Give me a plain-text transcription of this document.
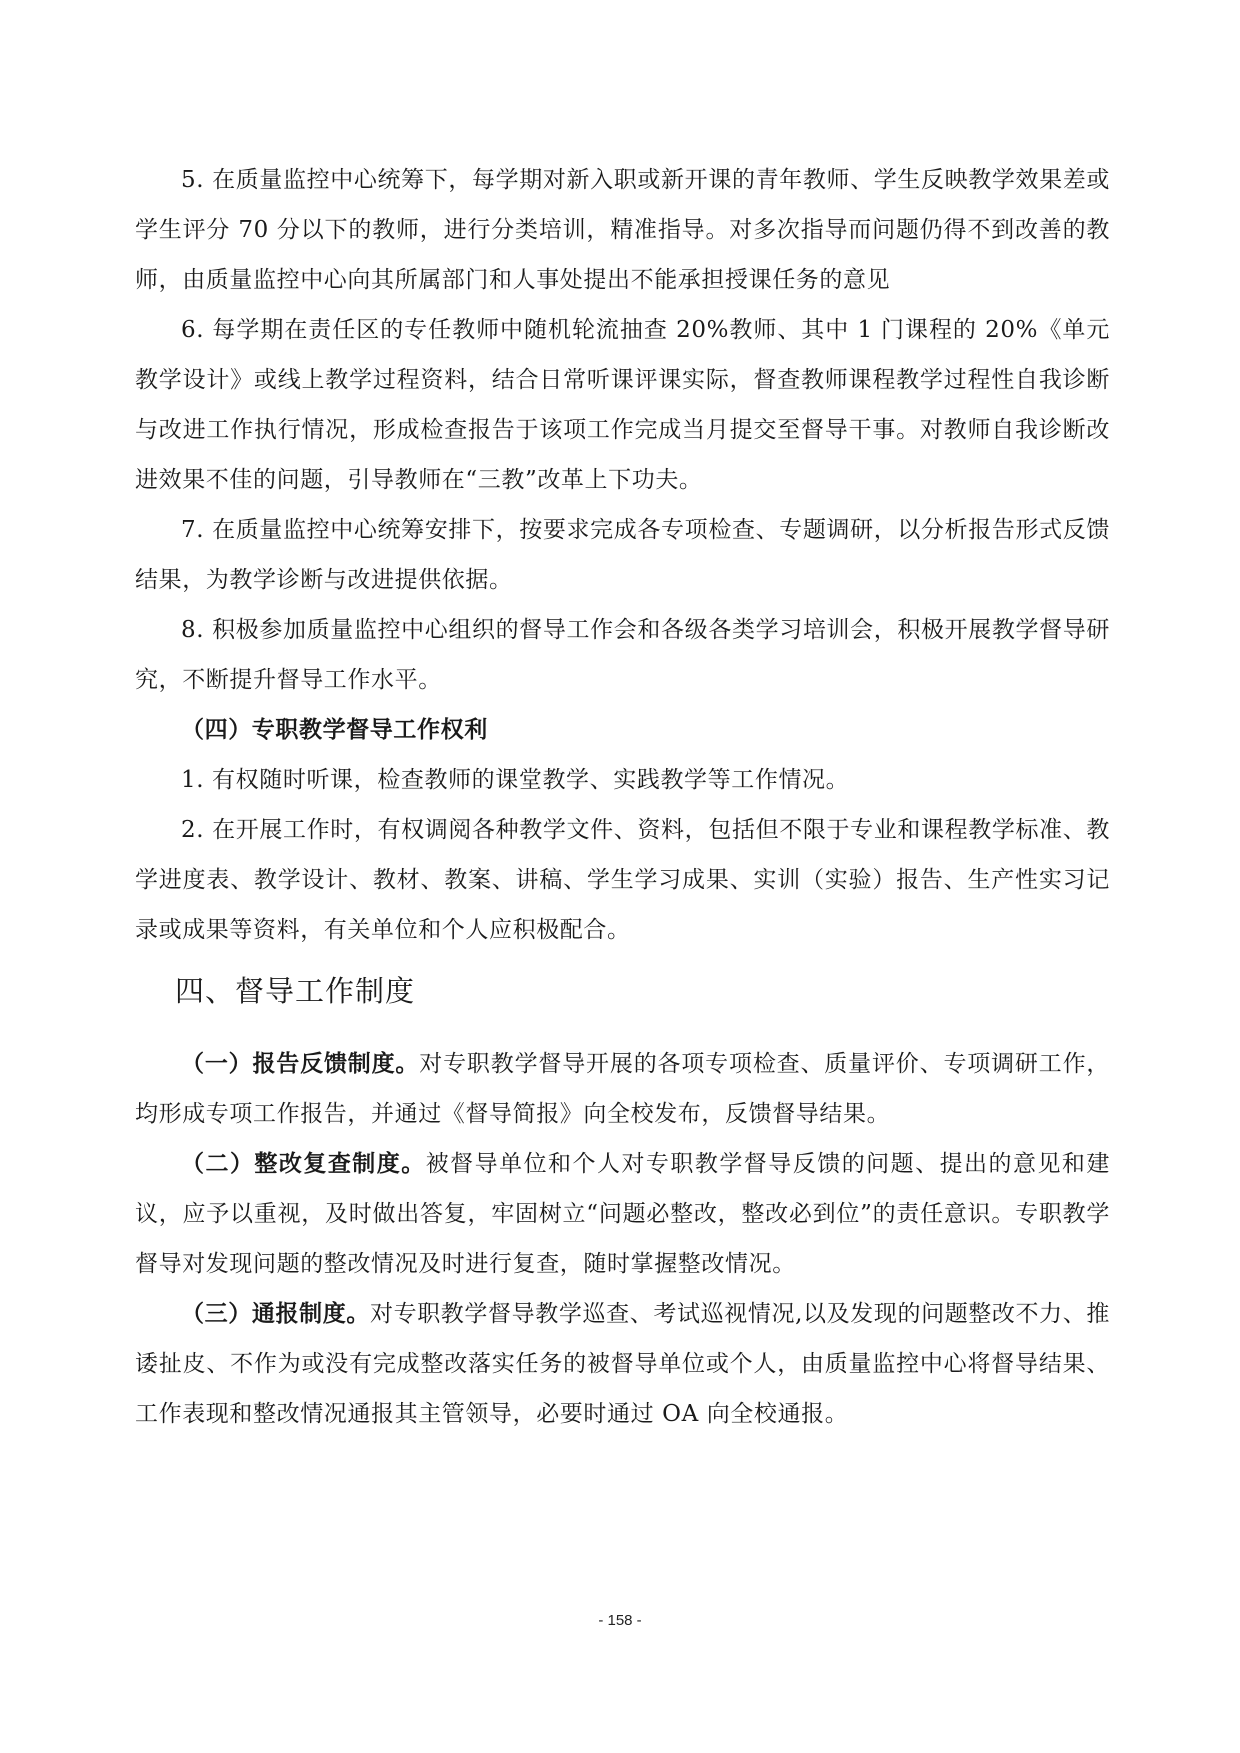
5. 在质量监控中心统筹下，每学期对新入职或新开课的青年教师、学生反映教学效果差或学生评分 70 分以下的教师，进行分类培训，精准指导。对多次指导而问题仍得不到改善的教师，由质量监控中心向其所属部门和人事处提出不能承担授课任务的意见

6. 每学期在责任区的专任教师中随机轮流抽查 20%教师、其中 1 门课程的 20%《单元教学设计》或线上教学过程资料，结合日常听课评课实际，督查教师课程教学过程性自我诊断与改进工作执行情况，形成检查报告于该项工作完成当月提交至督导干事。对教师自我诊断改进效果不佳的问题，引导教师在“三教”改革上下功夫。

7. 在质量监控中心统筹安排下，按要求完成各专项检查、专题调研，以分析报告形式反馈结果，为教学诊断与改进提供依据。

8. 积极参加质量监控中心组织的督导工作会和各级各类学习培训会，积极开展教学督导研究，不断提升督导工作水平。

（四）专职教学督导工作权利

1. 有权随时听课，检查教师的课堂教学、实践教学等工作情况。

2. 在开展工作时，有权调阅各种教学文件、资料，包括但不限于专业和课程教学标准、教学进度表、教学设计、教材、教案、讲稿、学生学习成果、实训（实验）报告、生产性实习记录或成果等资料，有关单位和个人应积极配合。

四、督导工作制度

（一）报告反馈制度。对专职教学督导开展的各项专项检查、质量评价、专项调研工作，均形成专项工作报告，并通过《督导简报》向全校发布，反馈督导结果。

（二）整改复查制度。被督导单位和个人对专职教学督导反馈的问题、提出的意见和建议，应予以重视，及时做出答复，牢固树立“问题必整改，整改必到位”的责任意识。专职教学督导对发现问题的整改情况及时进行复查，随时掌握整改情况。

（三）通报制度。对专职教学督导教学巡查、考试巡视情况,以及发现的问题整改不力、推诿扯皮、不作为或没有完成整改落实任务的被督导单位或个人，由质量监控中心将督导结果、工作表现和整改情况通报其主管领导，必要时通过 OA 向全校通报。

- 158 -
